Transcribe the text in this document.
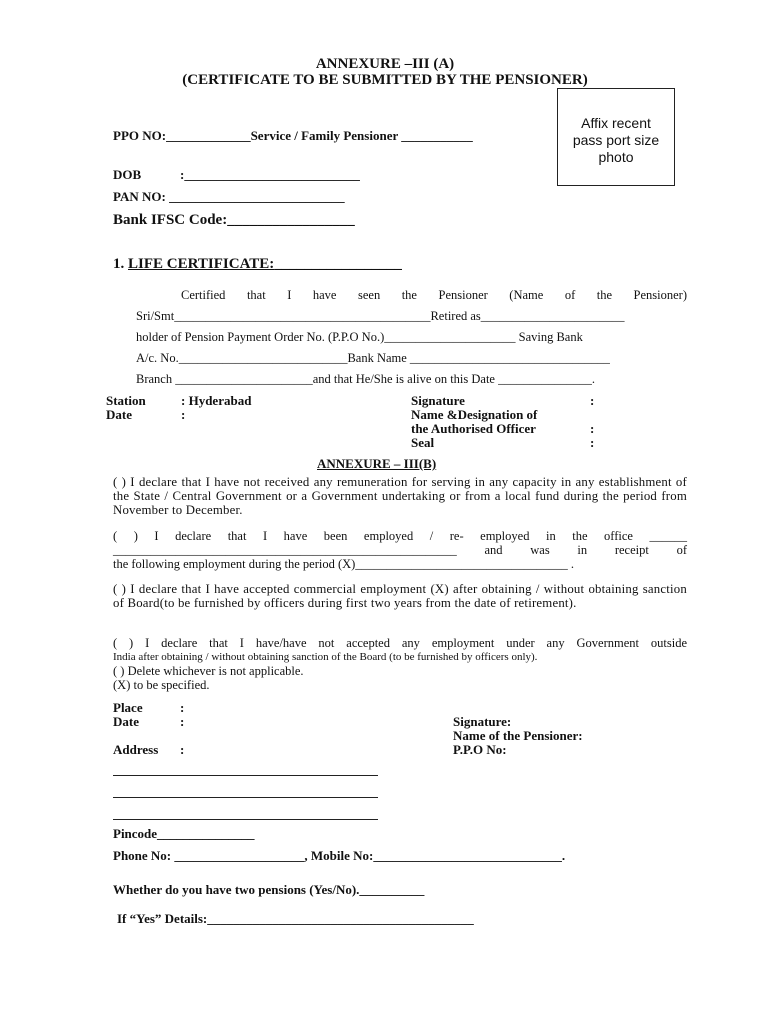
ANNEXURE –III (A)
(CERTIFICATE TO BE SUBMITTED BY THE PENSIONER)
Affix recent
pass port size
photo
PPO NO:_____________Service / Family Pensioner ___________
DOB	:___________________________
PAN NO: ___________________________
Bank IFSC Code:_________________
1. LIFE CERTIFICATE:_________________
Certified that I have seen the Pensioner (Name of the Pensioner)
Sri/Smt_________________________________________Retired as_______________________
holder of Pension Payment Order No. (P.P.O No.)_____________________ Saving Bank
A/c. No.___________________________Bank Name ________________________________
Branch ______________________and that He/She is alive on this Date _______________.
Station	: Hyderabad
Date	:
Signature	:
Name &Designation of
the Authorised Officer	:
Seal	:
ANNEXURE – III(B)
( ) I declare that I have not received any remuneration for serving in any capacity in any establishment of the State / Central Government or a Government undertaking or from a local fund during the period from November to December.
( ) I declare that I have been employed / re- employed in the office ______
_______________________________________________________ and was in receipt of
the following employment during the period (X)__________________________________ .
( ) I declare that I have accepted commercial employment (X) after obtaining / without obtaining sanction of Board(to be furnished by officers during first two years from the date of retirement).
( ) I declare that I have/have not accepted any employment under any Government outside
India after obtaining / without obtaining sanction of the Board (to be furnished by officers only).
( ) Delete whichever is not applicable.
(X) to be specified.
Place	:
Date	:
Address :
Signature:
Name of the Pensioner:
P.P.O No:
Pincode_______________
Phone No: ____________________, Mobile No:_____________________________.
Whether do you have two pensions (Yes/No).__________
If “Yes” Details:_________________________________________
